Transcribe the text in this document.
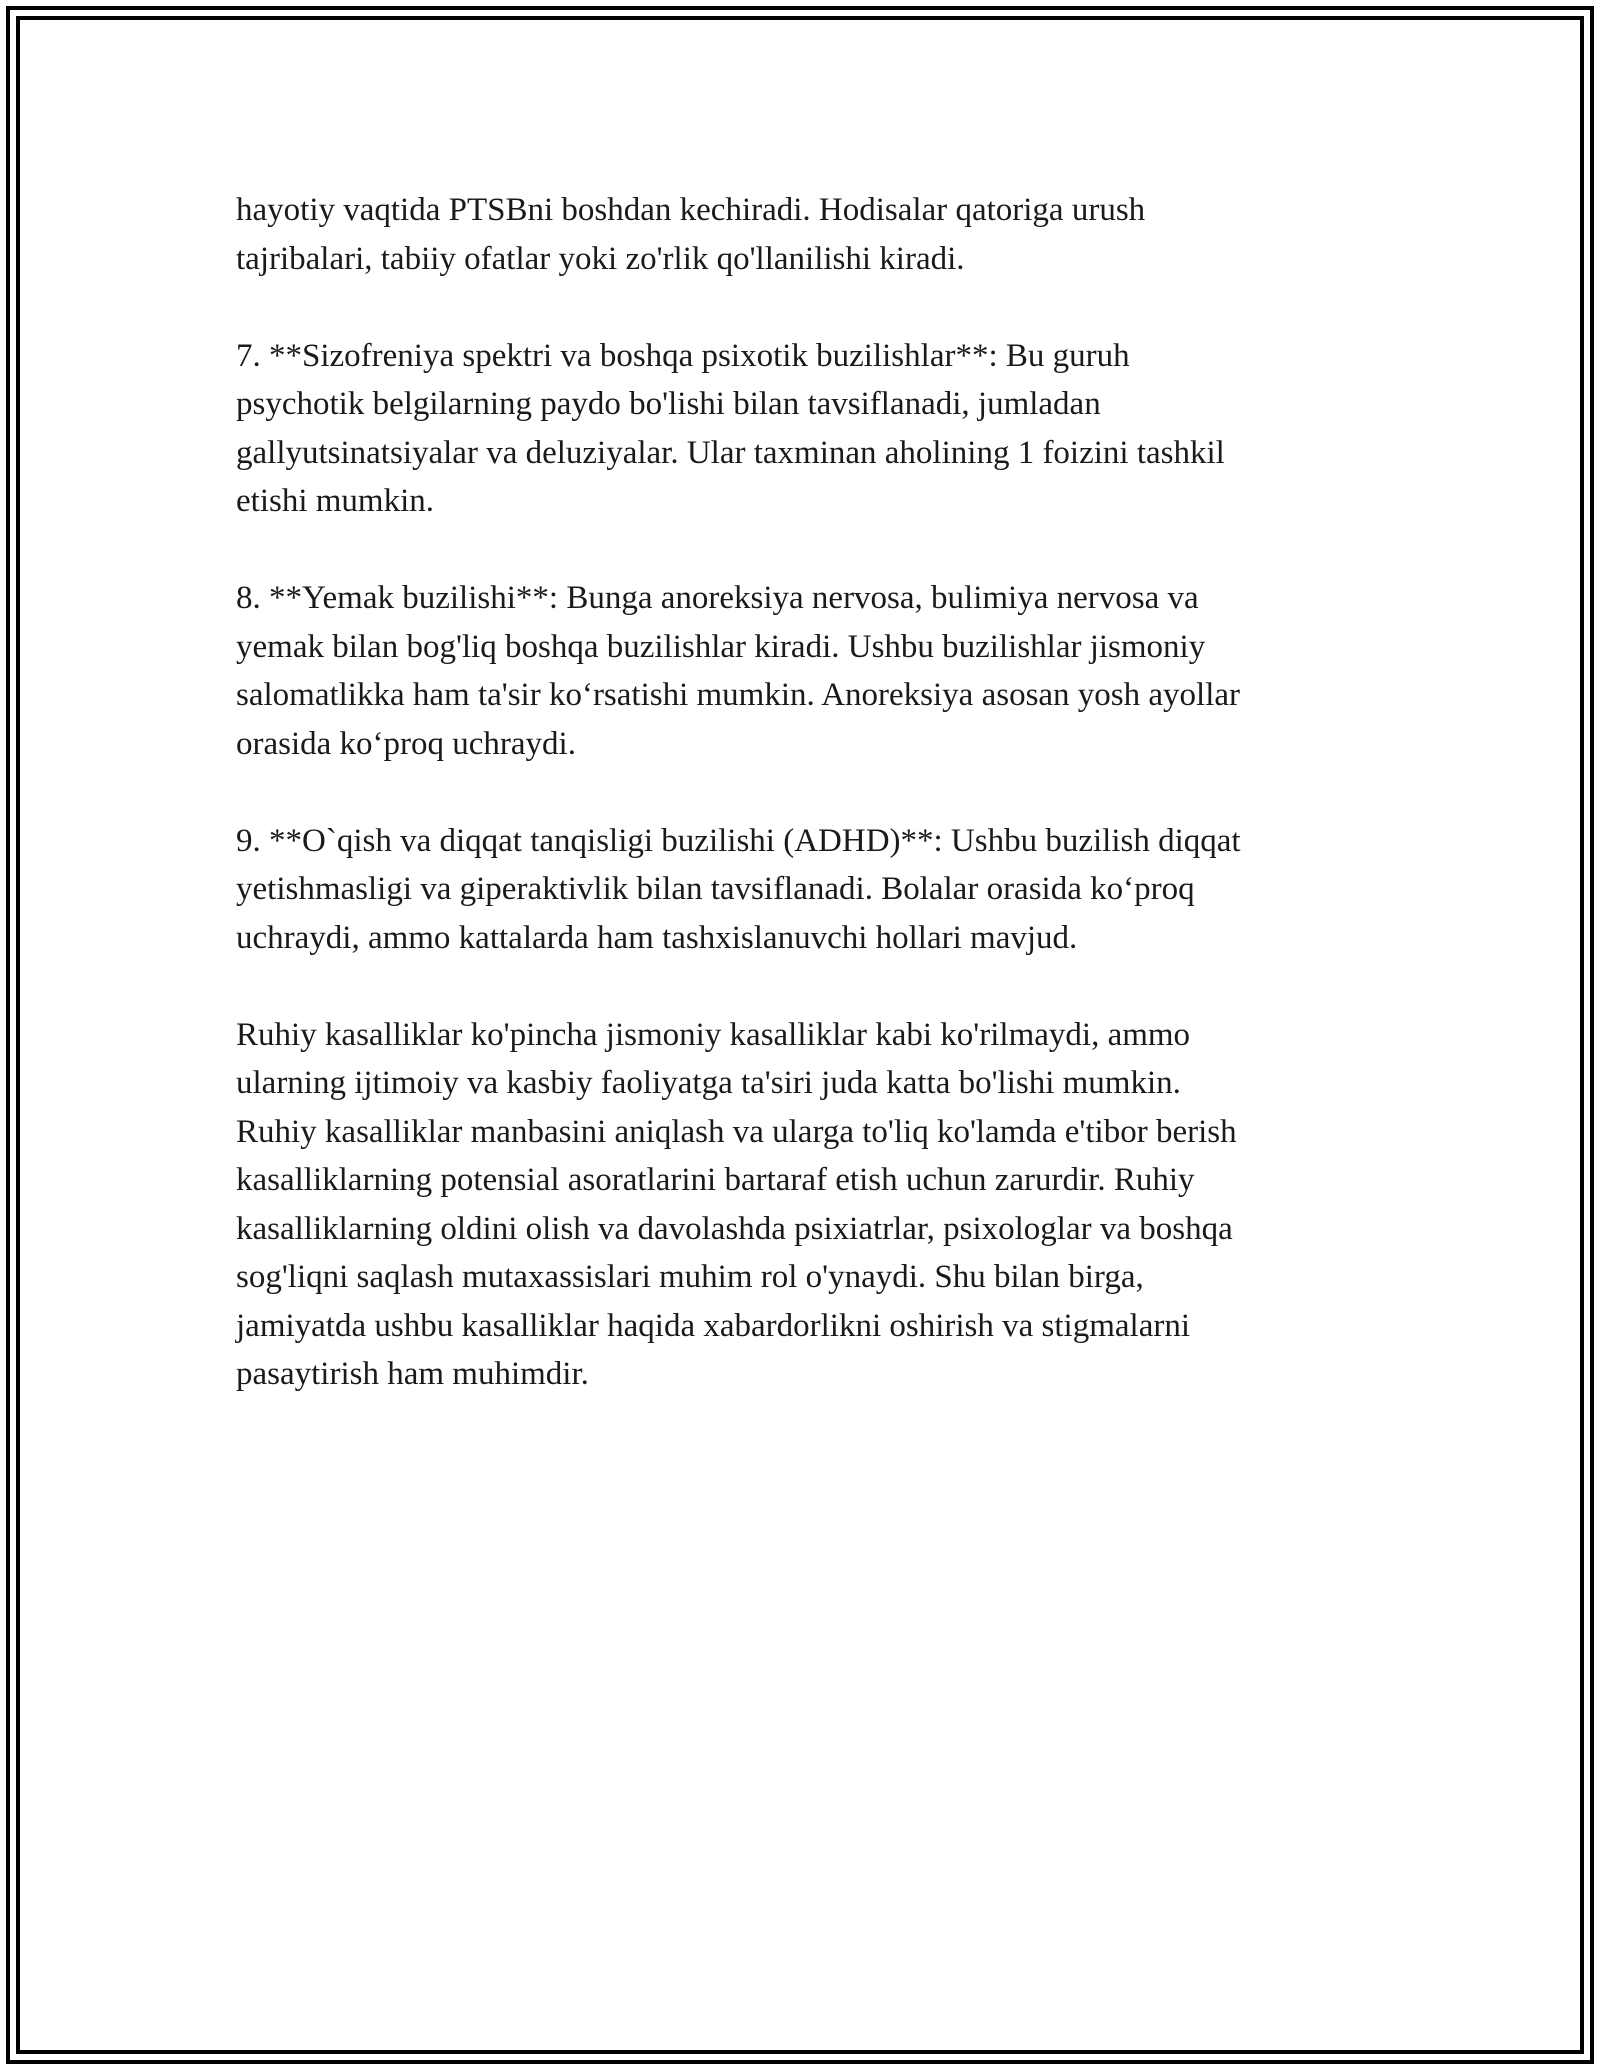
hayotiy vaqtida PTSBni boshdan kechiradi. Hodisalar qatoriga urush
tajribalari, tabiiy ofatlar yoki zo'rlik qo'llanilishi kiradi.

7. **Sizofreniya spektri va boshqa psixotik buzilishlar**: Bu guruh
psychotik belgilarning paydo bo'lishi bilan tavsiflanadi, jumladan
gallyutsinatsiyalar va deluziyalar. Ular taxminan aholining 1 foizini tashkil
etishi mumkin.

8. **Yemak buzilishi**: Bunga anoreksiya nervosa, bulimiya nervosa va
yemak bilan bog'liq boshqa buzilishlar kiradi. Ushbu buzilishlar jismoniy
salomatlikka ham ta'sir koʻrsatishi mumkin. Anoreksiya asosan yosh ayollar
orasida koʻproq uchraydi.

9. **O`qish va diqqat tanqisligi buzilishi (ADHD)**: Ushbu buzilish diqqat
yetishmasligi va giperaktivlik bilan tavsiflanadi. Bolalar orasida koʻproq
uchraydi, ammo kattalarda ham tashxislanuvchi hollari mavjud.

Ruhiy kasalliklar ko'pincha jismoniy kasalliklar kabi ko'rilmaydi, ammo
ularning ijtimoiy va kasbiy faoliyatga ta'siri juda katta bo'lishi mumkin.
Ruhiy kasalliklar manbasini aniqlash va ularga to'liq ko'lamda e'tibor berish
kasalliklarning potensial asoratlarini bartaraf etish uchun zarurdir. Ruhiy
kasalliklarning oldini olish va davolashda psixiatrlar, psixologlar va boshqa
sog'liqni saqlash mutaxassislari muhim rol o'ynaydi. Shu bilan birga,
jamiyatda ushbu kasalliklar haqida xabardorlikni oshirish va stigmalarni
pasaytirish ham muhimdir.
